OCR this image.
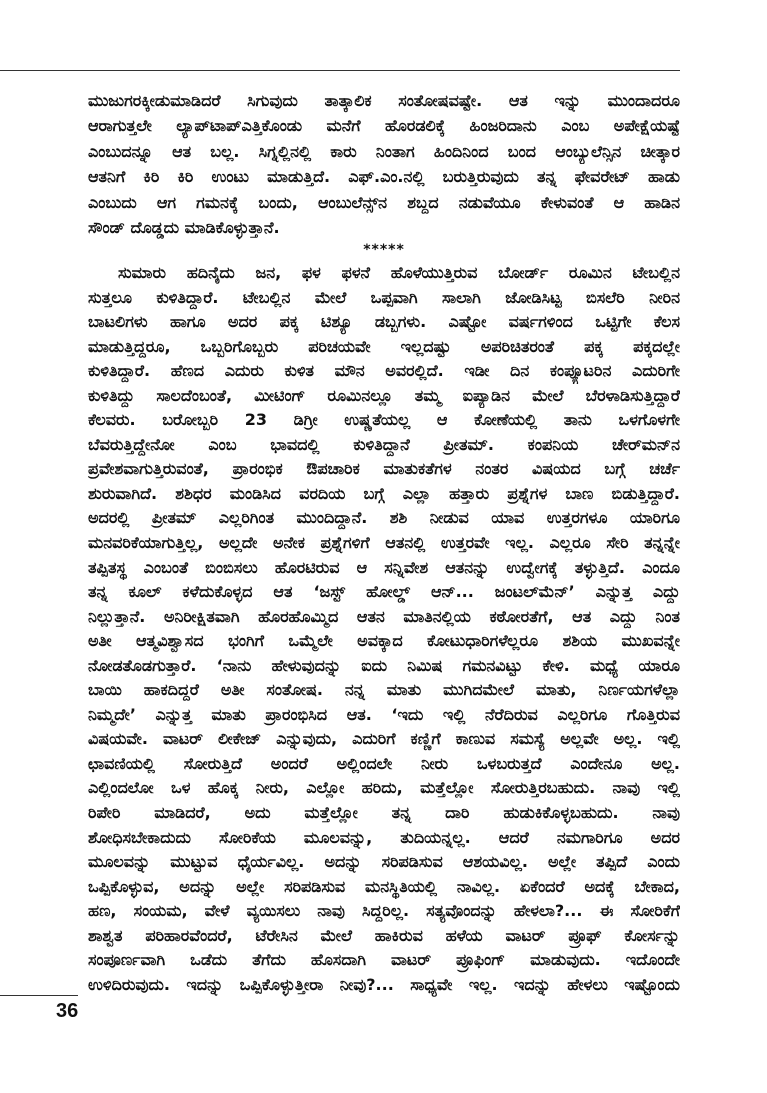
ಮುಜುಗರಕ್ಕೀಡುಮಾಡಿದರೆ ಸಿಗುವುದು ತಾತ್ಕಾಲಿಕ ಸಂತೋಷವಷ್ಟೇ. ಆತ ಇನ್ನು ಮುಂದಾದರೂ
ಆರಾಗುತ್ತಲೇ ಲ್ಯಾಪ್‌ಟಾಪ್‌ಎತ್ತಿಕೊಂಡು ಮನೆಗೆ ಹೊರಡಲಿಕ್ಕೆ ಹಿಂಜರಿದಾನು ಎಂಬ ಅಪೇಕ್ಷೆಯಷ್ಟೆ
ಎಂಬುದನ್ನೂ ಆತ ಬಲ್ಲ. ಸಿಗ್ನಲ್ಲಿನಲ್ಲಿ ಕಾರು ನಿಂತಾಗ ಹಿಂದಿನಿಂದ ಬಂದ ಆಂಬ್ಯುಲೆನ್ಸಿನ ಚೀತ್ಕಾರ
ಆತನಿಗೆ ಕಿರಿ ಕಿರಿ ಉಂಟು ಮಾಡುತ್ತಿದೆ. ಎಫ್.ಎಂ.ನಲ್ಲಿ ಬರುತ್ತಿರುವುದು ತನ್ನ ಫೇವರೇಟ್ ಹಾಡು
ಎಂಬುದು ಆಗ ಗಮನಕ್ಕೆ ಬಂದು, ಆಂಬುಲೆನ್ಸ್‌ನ ಶಬ್ದದ ನಡುವೆಯೂ ಕೇಳುವಂತೆ ಆ ಹಾಡಿನ
ಸೌಂಡ್ ದೊಡ್ಡದು ಮಾಡಿಕೊಳ್ಳುತ್ತಾನೆ.
*****
ಸುಮಾರು ಹದಿನೈದು ಜನ, ಫಳ ಫಳನೆ ಹೊಳೆಯುತ್ತಿರುವ ಬೋರ್ಡ್ ರೂಮಿನ ಟೇಬಲ್ಲಿನ
ಸುತ್ತಲೂ ಕುಳಿತಿದ್ದಾರೆ. ಟೇಬಲ್ಲಿನ ಮೇಲೆ ಒಪ್ಪವಾಗಿ ಸಾಲಾಗಿ ಜೋಡಿಸಿಟ್ಟ ಬಿಸಲೆರಿ ನೀರಿನ
ಬಾಟಲಿಗಳು ಹಾಗೂ ಅದರ ಪಕ್ಕ ಟಿಶ್ಯೂ ಡಬ್ಬಗಳು. ಎಷ್ಟೋ ವರ್ಷಗಳಿಂದ ಒಟ್ಟಿಗೇ ಕೆಲಸ
ಮಾಡುತ್ತಿದ್ದರೂ, ಒಬ್ಬರಿಗೊಬ್ಬರು ಪರಿಚಯವೇ ಇಲ್ಲದಷ್ಟು ಅಪರಿಚಿತರಂತೆ ಪಕ್ಕ ಪಕ್ಕದಲ್ಲೇ
ಕುಳಿತಿದ್ದಾರೆ. ಹೆಣದ ಎದುರು ಕುಳಿತ ಮೌನ ಅವರಲ್ಲಿದೆ. ಇಡೀ ದಿನ ಕಂಪ್ಯೂಟರಿನ ಎದುರಿಗೇ
ಕುಳಿತಿದ್ದು ಸಾಲದೆಂಬಂತೆ, ಮೀಟಿಂಗ್ ರೂಮಿನಲ್ಲೂ ತಮ್ಮ ಐಪ್ಯಾಡಿನ ಮೇಲೆ ಬೆರಳಾಡಿಸುತ್ತಿದ್ದಾರೆ
ಕೆಲವರು. ಬರೋಬ್ಬರಿ 23 ಡಿಗ್ರೀ ಉಷ್ಣತೆಯಲ್ಲ ಆ ಕೋಣೆಯಲ್ಲಿ ತಾನು ಒಳಗೊಳಗೇ
ಬೆವರುತ್ತಿದ್ದೇನೋ ಎಂಬ ಭಾವದಲ್ಲಿ ಕುಳಿತಿದ್ದಾನೆ ಪ್ರೀತಮ್. ಕಂಪನಿಯ ಚೇರ್‌ಮನ್‌ನ
ಪ್ರವೇಶವಾಗುತ್ತಿರುವಂತೆ, ಪ್ರಾರಂಭಿಕ ಔಪಚಾರಿಕ ಮಾತುಕತೆಗಳ ನಂತರ ವಿಷಯದ ಬಗ್ಗೆ ಚರ್ಚೆ
ಶುರುವಾಗಿದೆ. ಶಶಿಧರ ಮಂಡಿಸಿದ ವರದಿಯ ಬಗ್ಗೆ ಎಲ್ಲಾ ಹತ್ತಾರು ಪ್ರಶ್ನೆಗಳ ಬಾಣ ಬಿಡುತ್ತಿದ್ದಾರೆ.
ಅದರಲ್ಲಿ ಪ್ರೀತಮ್ ಎಲ್ಲರಿಗಿಂತ ಮುಂದಿದ್ದಾನೆ. ಶಶಿ ನೀಡುವ ಯಾವ ಉತ್ತರಗಳೂ ಯಾರಿಗೂ
ಮನವರಿಕೆಯಾಗುತ್ತಿಲ್ಲ, ಅಲ್ಲದೇ ಅನೇಕ ಪ್ರಶ್ನೆಗಳಿಗೆ ಆತನಲ್ಲಿ ಉತ್ತರವೇ ಇಲ್ಲ. ಎಲ್ಲರೂ ಸೇರಿ ತನ್ನನ್ನೇ
ತಪ್ಪಿತಸ್ಥ ಎಂಬಂತೆ ಬಿಂಬಿಸಲು ಹೊರಟಿರುವ ಆ ಸನ್ನಿವೇಶ ಆತನನ್ನು ಉದ್ವೇಗಕ್ಕೆ ತಳ್ಳುತ್ತಿದೆ. ಎಂದೂ
ತನ್ನ ಕೂಲ್ ಕಳೆದುಕೊಳ್ಳದ ಆತ ‘ಜಸ್ಟ್ ಹೋಲ್ಡ್ ಆನ್... ಜಂಟಲ್‌ಮೆನ್’ ಎನ್ನುತ್ತ ಎದ್ದು
ನಿಲ್ಲುತ್ತಾನೆ. ಅನಿರೀಕ್ಷಿತವಾಗಿ ಹೊರಹೊಮ್ಮಿದ ಆತನ ಮಾತಿನಲ್ಲಿಯ ಕಠೋರತೆಗೆ, ಆತ ಎದ್ದು ನಿಂತ
ಅತೀ ಆತ್ಮವಿಶ್ವಾಸದ ಭಂಗಿಗೆ ಒಮ್ಮೆಲೇ ಅವಕ್ಕಾದ ಕೋಟುಧಾರಿಗಳೆಲ್ಲರೂ ಶಶಿಯ ಮುಖವನ್ನೇ
ನೋಡತೊಡಗುತ್ತಾರೆ. ‘ನಾನು ಹೇಳುವುದನ್ನು ಐದು ನಿಮಿಷ ಗಮನವಿಟ್ಟು ಕೇಳಿ. ಮಧ್ಯೆ ಯಾರೂ
ಬಾಯಿ ಹಾಕದಿದ್ದರೆ ಅತೀ ಸಂತೋಷ. ನನ್ನ ಮಾತು ಮುಗಿದಮೇಲೆ ಮಾತು, ನಿರ್ಣಯಗಳೆಲ್ಲಾ
ನಿಮ್ಮದೇ’ ಎನ್ನುತ್ತ ಮಾತು ಪ್ರಾರಂಭಿಸಿದ ಆತ. ‘ಇದು ಇಲ್ಲಿ ನೆರೆದಿರುವ ಎಲ್ಲರಿಗೂ ಗೊತ್ತಿರುವ
ವಿಷಯವೇ. ವಾಟರ್ ಲೀಕೇಜ್ ಎನ್ನುವುದು, ಎದುರಿಗೆ ಕಣ್ಣಿಗೆ ಕಾಣುವ ಸಮಸ್ಯೆ ಅಲ್ಲವೇ ಅಲ್ಲ. ಇಲ್ಲಿ
ಛಾವಣಿಯಲ್ಲಿ ಸೋರುತ್ತಿದೆ ಅಂದರೆ ಅಲ್ಲಿಂದಲೇ ನೀರು ಒಳಬರುತ್ತದೆ ಎಂದೇನೂ ಅಲ್ಲ.
ಎಲ್ಲಿಂದಲೋ ಒಳ ಹೊಕ್ಕ ನೀರು, ಎಲ್ಲೋ ಹರಿದು, ಮತ್ತೆಲ್ಲೋ ಸೋರುತ್ತಿರಬಹುದು. ನಾವು ಇಲ್ಲಿ
ರಿಪೇರಿ ಮಾಡಿದರೆ, ಅದು ಮತ್ತೆಲ್ಲೋ ತನ್ನ ದಾರಿ ಹುಡುಕಿಕೊಳ್ಳಬಹುದು. ನಾವು
ಶೋಧಿಸಬೇಕಾದುದು ಸೋರಿಕೆಯ ಮೂಲವನ್ನು, ತುದಿಯನ್ನಲ್ಲ. ಆದರೆ ನಮಗಾರಿಗೂ ಅದರ
ಮೂಲವನ್ನು ಮುಟ್ಟುವ ಧೈರ್ಯವಿಲ್ಲ. ಅದನ್ನು ಸರಿಪಡಿಸುವ ಆಶಯವಿಲ್ಲ. ಅಲ್ಲೇ ತಪ್ಪಿದೆ ಎಂದು
ಒಪ್ಪಿಕೊಳ್ಳುವ, ಅದನ್ನು ಅಲ್ಲೇ ಸರಿಪಡಿಸುವ ಮನಸ್ಥಿತಿಯಲ್ಲಿ ನಾವಿಲ್ಲ. ಏಕೆಂದರೆ ಅದಕ್ಕೆ ಬೇಕಾದ,
ಹಣ, ಸಂಯಮ, ವೇಳೆ ವ್ಯಯಿಸಲು ನಾವು ಸಿದ್ದರಿಲ್ಲ. ಸತ್ಯವೊಂದನ್ನು ಹೇಳಲಾ?... ಈ ಸೋರಿಕೆಗೆ
ಶಾಶ್ವತ ಪರಿಹಾರವೆಂದರೆ, ಟೆರೇಸಿನ ಮೇಲೆ ಹಾಕಿರುವ ಹಳೆಯ ವಾಟರ್ ಪ್ರೂಫ್ ಕೋರ್ಸನ್ನು
ಸಂಪೂರ್ಣವಾಗಿ ಒಡೆದು ತೆಗೆದು ಹೊಸದಾಗಿ ವಾಟರ್ ಪ್ರೂಫಿಂಗ್ ಮಾಡುವುದು. ಇದೊಂದೇ
ಉಳಿದಿರುವುದು. ಇದನ್ನು ಒಪ್ಪಿಕೊಳ್ಳುತ್ತೀರಾ ನೀವು?... ಸಾಧ್ಯವೇ ಇಲ್ಲ. ಇದನ್ನು ಹೇಳಲು ಇಷ್ಟೊಂದು
36
